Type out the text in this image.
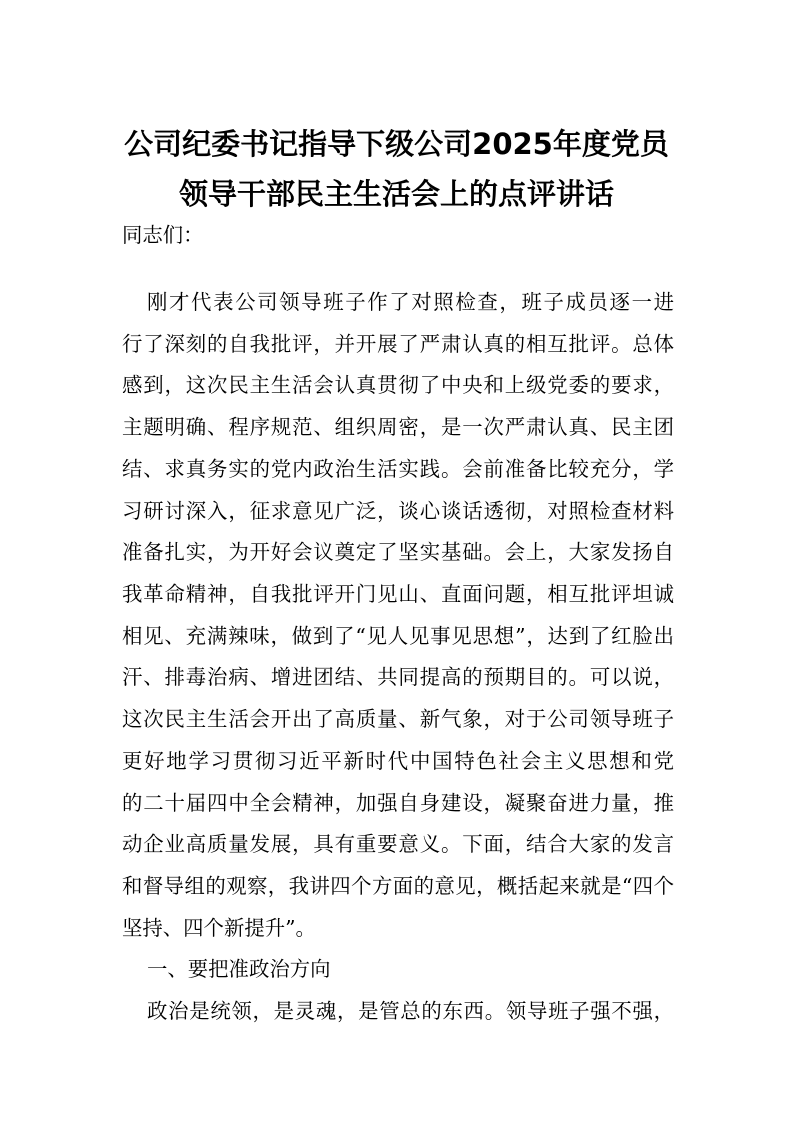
公司纪委书记指导下级公司2025年度党员
领导干部民主生活会上的点评讲话
同志们：
刚才代表公司领导班子作了对照检查，班子成员逐一进
行了深刻的自我批评，并开展了严肃认真的相互批评。总体
感到，这次民主生活会认真贯彻了中央和上级党委的要求，
主题明确、程序规范、组织周密，是一次严肃认真、民主团
结、求真务实的党内政治生活实践。会前准备比较充分，学
习研讨深入，征求意见广泛，谈心谈话透彻，对照检查材料
准备扎实，为开好会议奠定了坚实基础。会上，大家发扬自
我革命精神，自我批评开门见山、直面问题，相互批评坦诚
相见、充满辣味，做到了“见人见事见思想”，达到了红脸出
汗、排毒治病、增进团结、共同提高的预期目的。可以说，
这次民主生活会开出了高质量、新气象，对于公司领导班子
更好地学习贯彻习近平新时代中国特色社会主义思想和党
的二十届四中全会精神，加强自身建设，凝聚奋进力量，推
动企业高质量发展，具有重要意义。下面，结合大家的发言
和督导组的观察，我讲四个方面的意见，概括起来就是“四个
坚持、四个新提升”。
一、要把准政治方向
政治是统领，是灵魂，是管总的东西。领导班子强不强，
